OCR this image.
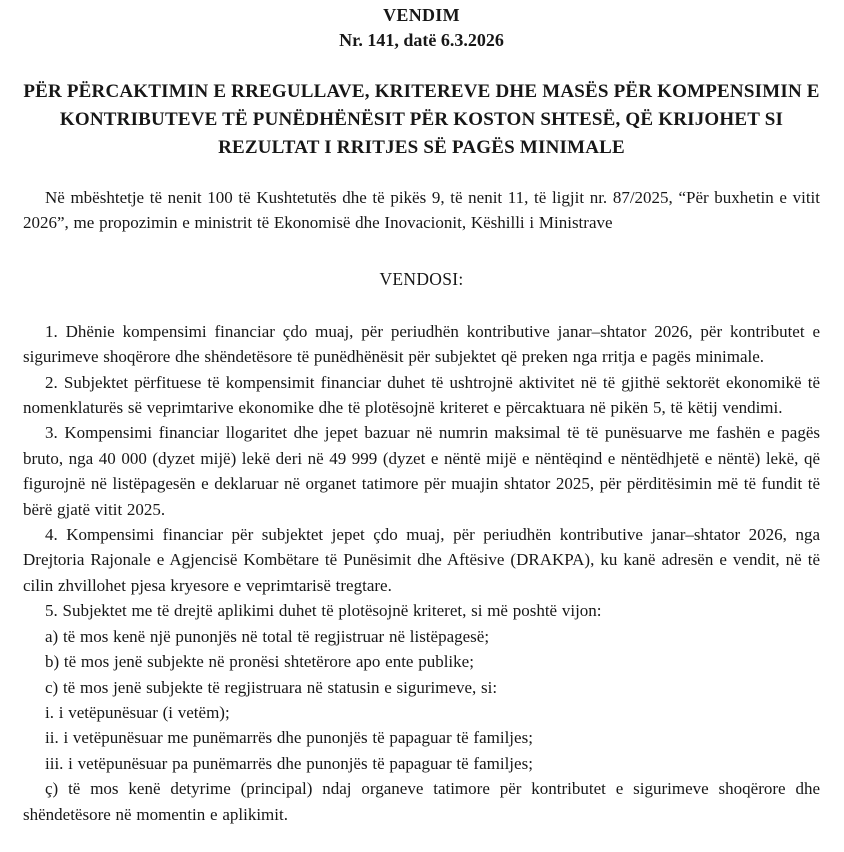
VENDIM
Nr. 141, datë 6.3.2026
PËR PËRCAKTIMIN E RREGULLAVE, KRITEREVE DHE MASËS PËR KOMPENSIMIN E KONTRIBUTEVE TË PUNËDHËNËSIT PËR KOSTON SHTESË, QË KRIJOHET SI REZULTAT I RRITJES SË PAGËS MINIMALE

Në mbështetje të nenit 100 të Kushtetutës dhe të pikës 9, të nenit 11, të ligjit nr. 87/2025, “Për buxhetin e vitit 2026”, me propozimin e ministrit të Ekonomisë dhe Inovacionit, Këshilli i Ministrave

VENDOSI:

1. Dhënie kompensimi financiar çdo muaj, për periudhën kontributive janar–shtator 2026, për kontributet e sigurimeve shoqërore dhe shëndetësore të punëdhënësit për subjektet që preken nga rritja e pagës minimale.

2. Subjektet përfituese të kompensimit financiar duhet të ushtrojnë aktivitet në të gjithë sektorët ekonomikë të nomenklaturës së veprimtarive ekonomike dhe të plotësojnë kriteret e përcaktuara në pikën 5, të këtij vendimi.

3. Kompensimi financiar llogaritet dhe jepet bazuar në numrin maksimal të të punësuarve me fashën e pagës bruto, nga 40 000 (dyzet mijë) lekë deri në 49 999 (dyzet e nëntë mijë e nëntëqind e nëntëdhjetë e nëntë) lekë, që figurojnë në listëpagesën e deklaruar në organet tatimore për muajin shtator 2025, për përditësimin më të fundit të bërë gjatë vitit 2025.

4. Kompensimi financiar për subjektet jepet çdo muaj, për periudhën kontributive janar–shtator 2026, nga Drejtoria Rajonale e Agjencisë Kombëtare të Punësimit dhe Aftësive (DRAKPA), ku kanë adresën e vendit, në të cilin zhvillohet pjesa kryesore e veprimtarisë tregtare.

5. Subjektet me të drejtë aplikimi duhet të plotësojnë kriteret, si më poshtë vijon:

a) të mos kenë një punonjës në total të regjistruar në listëpagesë;

b) të mos jenë subjekte në pronësi shtetërore apo ente publike;

c) të mos jenë subjekte të regjistruara në statusin e sigurimeve, si:

i. i vetëpunësuar (i vetëm);

ii. i vetëpunësuar me punëmarrës dhe punonjës të papaguar të familjes;

iii. i vetëpunësuar pa punëmarrës dhe punonjës të papaguar të familjes;

ç) të mos kenë detyrime (principal) ndaj organeve tatimore për kontributet e sigurimeve shoqërore dhe shëndetësore në momentin e aplikimit.
